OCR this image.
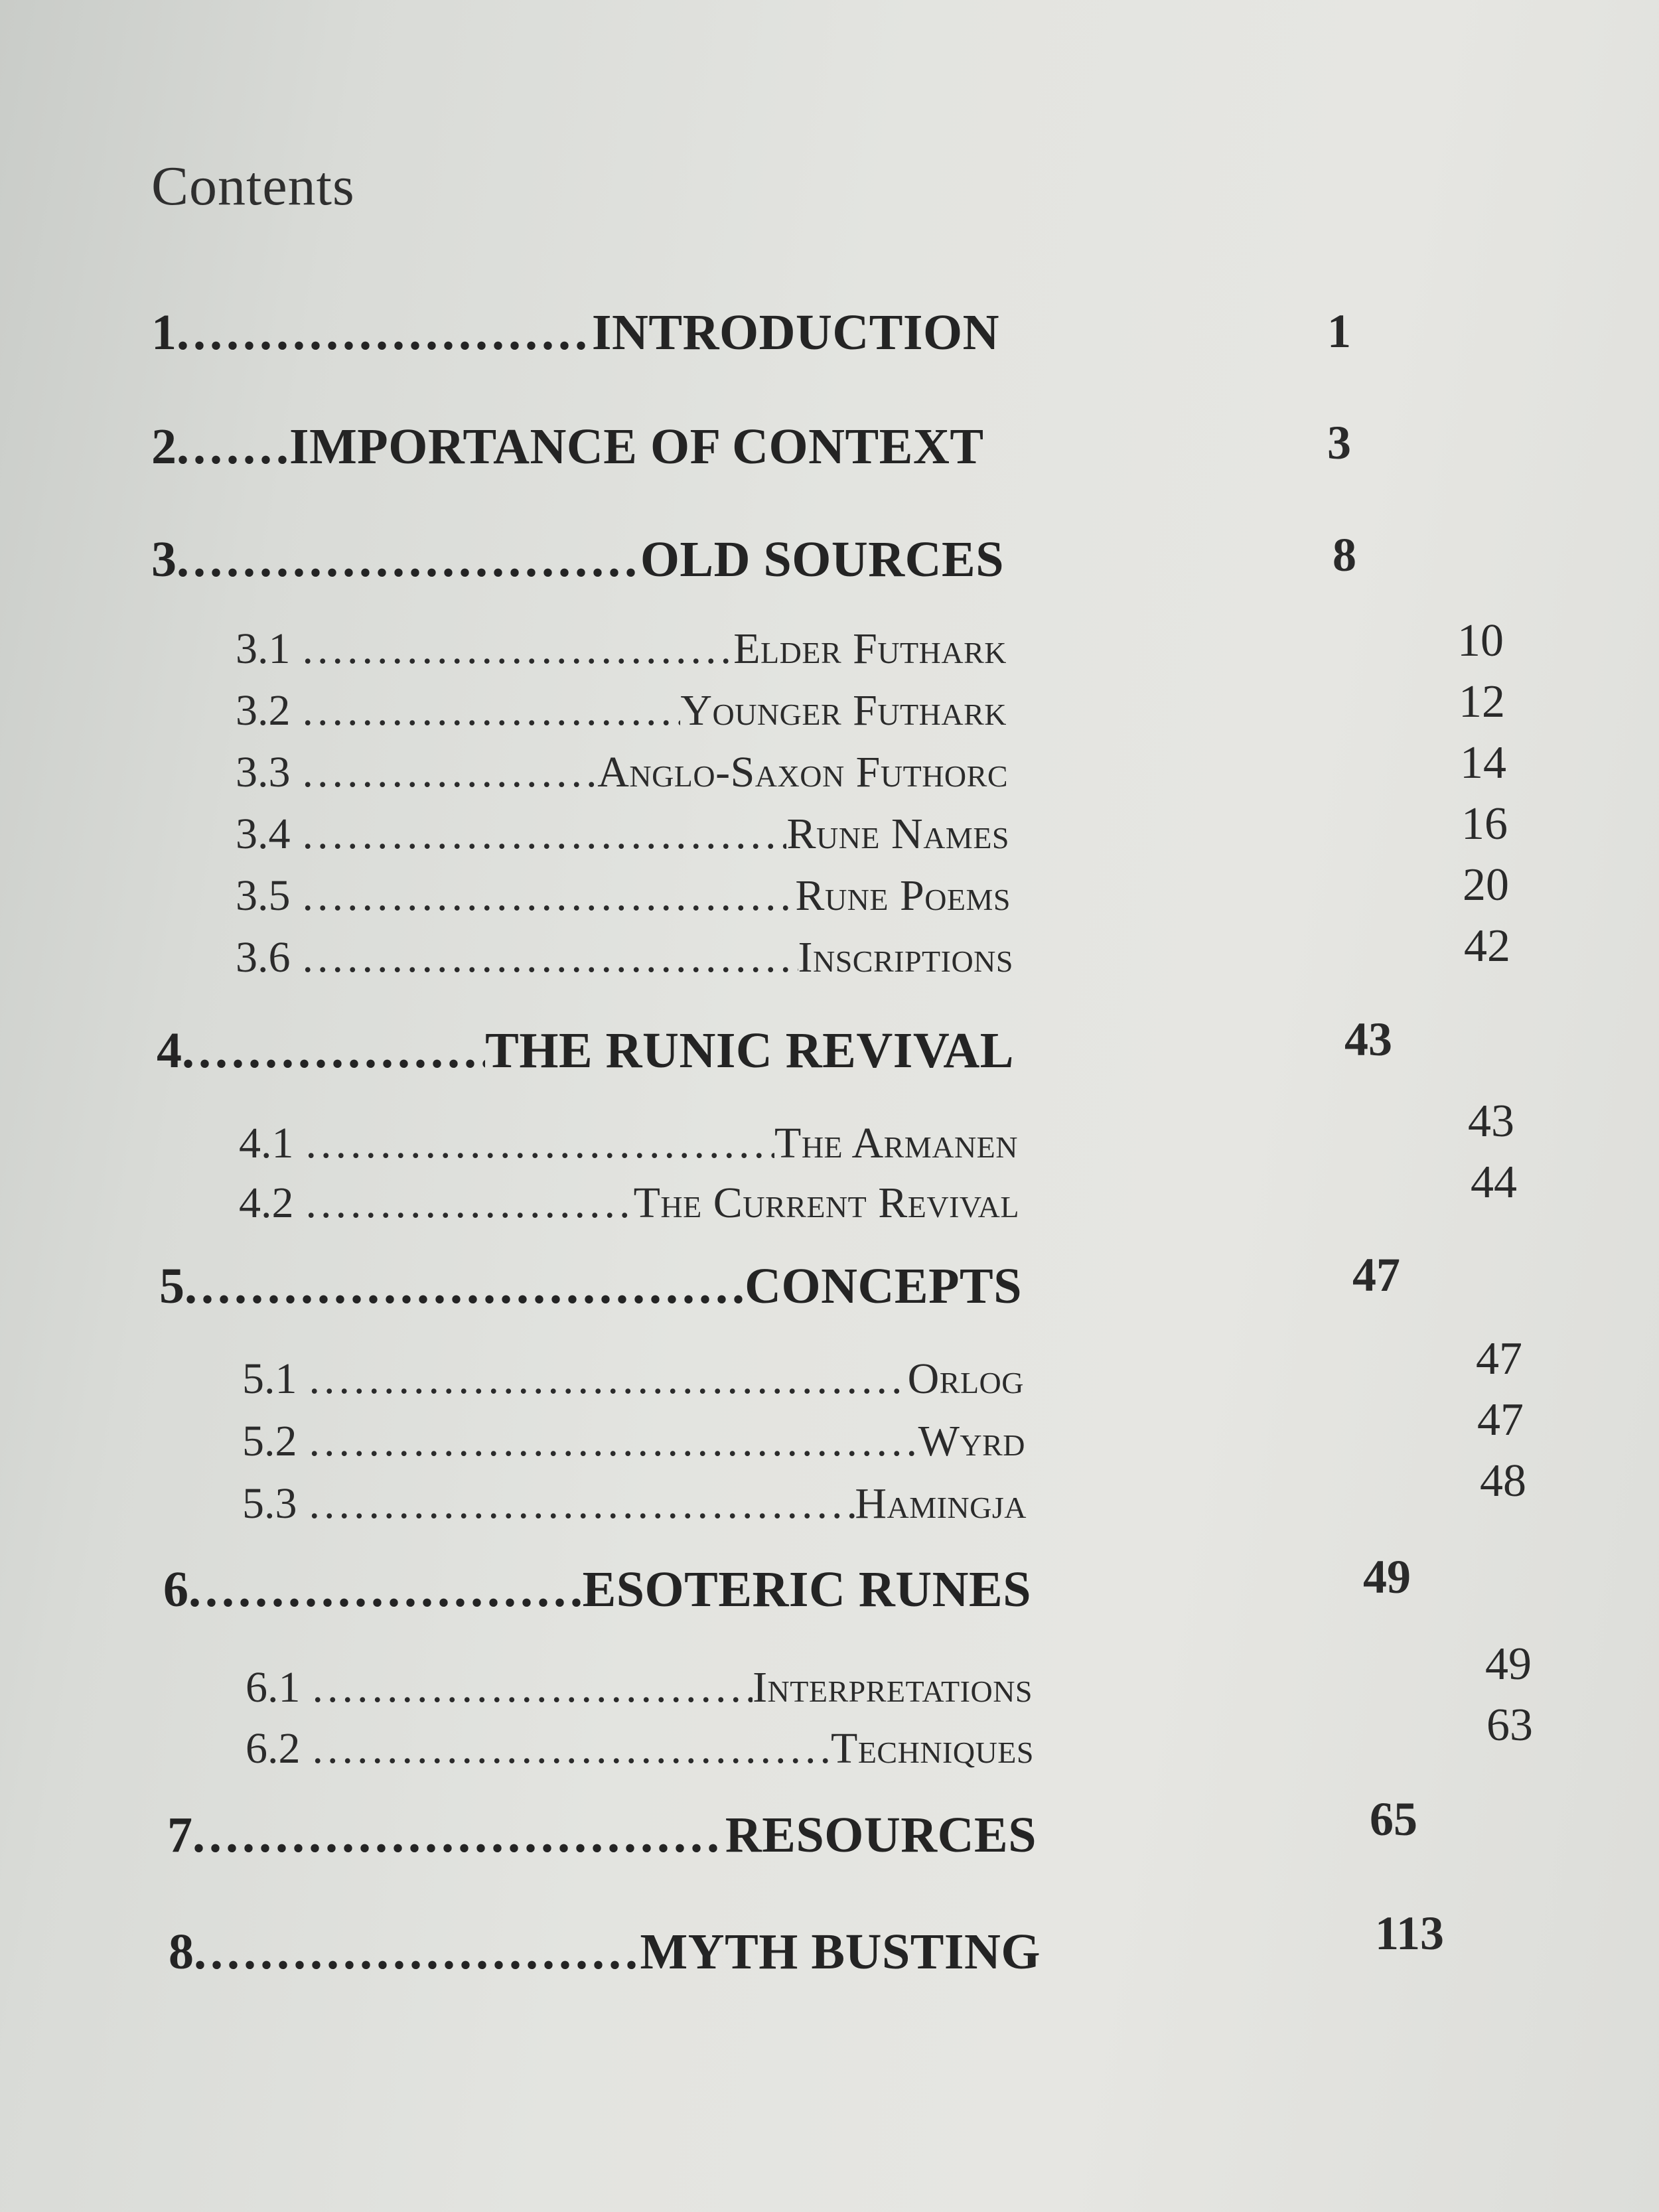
Contents
1 .....	INTRODUCTION	1
2 ..... IMPORTANCE OF CONTEXT	3
3 .....	OLD SOURCES	8
3.1 .....	Elder Futhark	10
3.2 .....	Younger Futhark	12
3.3 .....	Anglo-Saxon Futhorc	14
3.4 .....	Rune Names	16
3.5 .....	Rune Poems	20
3.6 .....	Inscriptions	42
4 .....	THE RUNIC REVIVAL	43
4.1 .....	The Armanen	43
4.2 .....	The Current Revival	44
5 .....	CONCEPTS	47
5.1 .....	Orlog	47
5.2 .....	Wyrd	47
5.3 .....	Hamingja	48
6 .....	ESOTERIC RUNES	49
6.1 .....	Interpretations	49
6.2 .....	Techniques	63
7 .....	RESOURCES	65
8 .....	MYTH BUSTING	113
